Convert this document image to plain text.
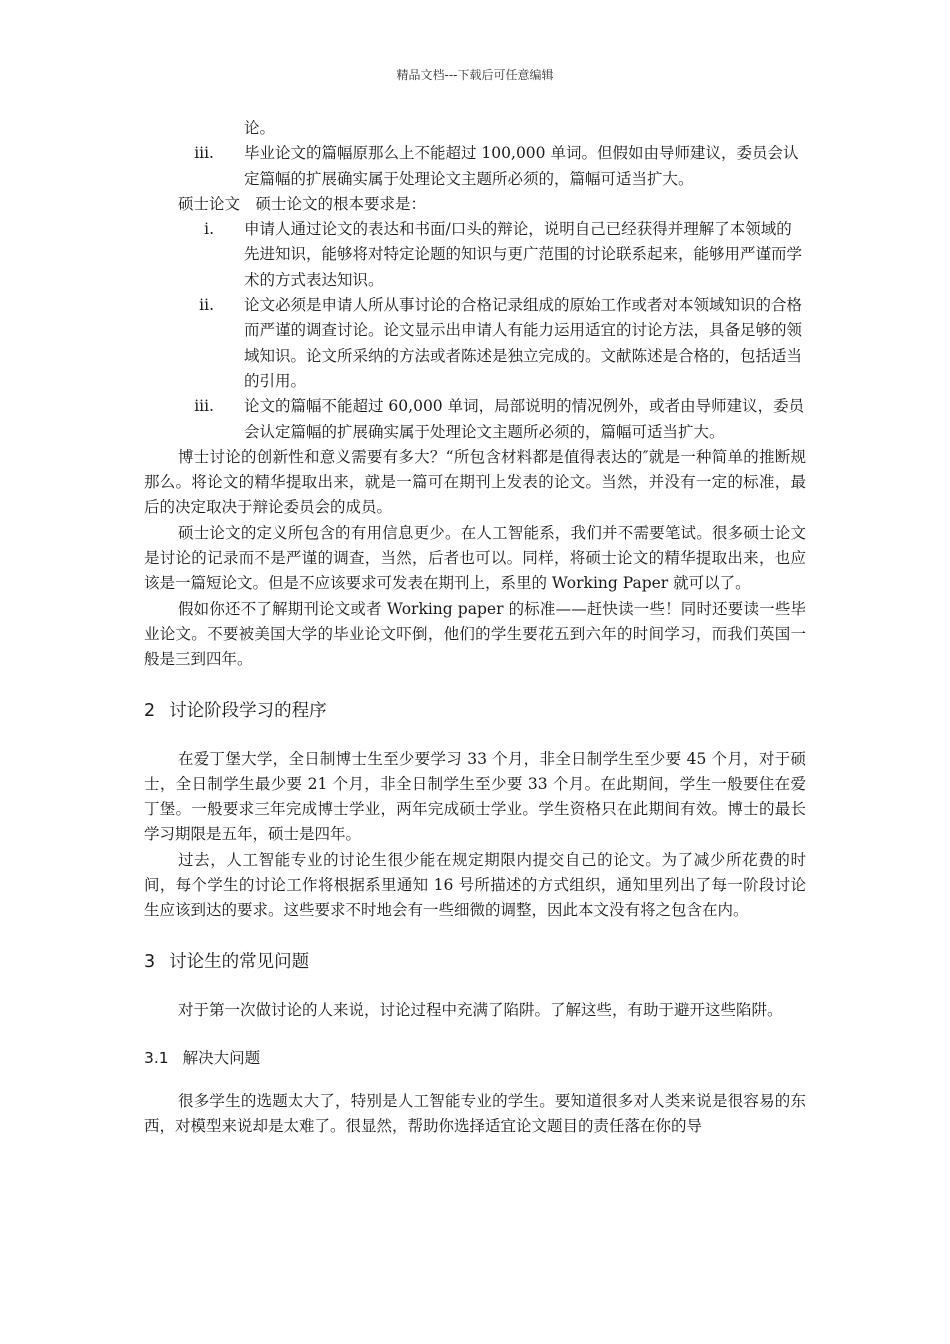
精品文档---下载后可任意编辑
论。
iii. 毕业论文的篇幅原那么上不能超过 100,000 单词。但假如由导师建议，委员会认定篇幅的扩展确实属于处理论文主题所必须的，篇幅可适当扩大。
硕士论文　硕士论文的根本要求是：
i. 申请人通过论文的表达和书面/口头的辩论，说明自己已经获得并理解了本领域的先进知识，能够将对特定论题的知识与更广范围的讨论联系起来，能够用严谨而学术的方式表达知识。
ii. 论文必须是申请人所从事讨论的合格记录组成的原始工作或者对本领域知识的合格而严谨的调查讨论。论文显示出申请人有能力运用适宜的讨论方法，具备足够的领域知识。论文所采纳的方法或者陈述是独立完成的。文献陈述是合格的，包括适当的引用。
iii. 论文的篇幅不能超过 60,000 单词，局部说明的情况例外，或者由导师建议，委员会认定篇幅的扩展确实属于处理论文主题所必须的，篇幅可适当扩大。

博士讨论的创新性和意义需要有多大？“所包含材料都是值得表达的″就是一种简单的推断规那么。将论文的精华提取出来，就是一篇可在期刊上发表的论文。当然，并没有一定的标准，最后的决定取决于辩论委员会的成员。

硕士论文的定义所包含的有用信息更少。在人工智能系，我们并不需要笔试。很多硕士论文是讨论的记录而不是严谨的调查，当然，后者也可以。同样，将硕士论文的精华提取出来，也应该是一篇短论文。但是不应该要求可发表在期刊上，系里的 Working Paper 就可以了。

假如你还不了解期刊论文或者 Working paper 的标准——赶快读一些！同时还要读一些毕业论文。不要被美国大学的毕业论文吓倒，他们的学生要花五到六年的时间学习，而我们英国一般是三到四年。

2 讨论阶段学习的程序

在爱丁堡大学，全日制博士生至少要学习 33 个月，非全日制学生至少要 45 个月，对于硕士，全日制学生最少要 21 个月，非全日制学生至少要 33 个月。在此期间，学生一般要住在爱丁堡。一般要求三年完成博士学业，两年完成硕士学业。学生资格只在此期间有效。博士的最长学习期限是五年，硕士是四年。

过去，人工智能专业的讨论生很少能在规定期限内提交自己的论文。为了减少所花费的时间，每个学生的讨论工作将根据系里通知 16 号所描述的方式组织，通知里列出了每一阶段讨论生应该到达的要求。这些要求不时地会有一些细微的调整，因此本文没有将之包含在内。

3 讨论生的常见问题

对于第一次做讨论的人来说，讨论过程中充满了陷阱。了解这些，有助于避开这些陷阱。

3.1 解决大问题

很多学生的选题太大了，特别是人工智能专业的学生。要知道很多对人类来说是很容易的东西，对模型来说却是太难了。很显然，帮助你选择适宜论文题目的责任落在你的导
